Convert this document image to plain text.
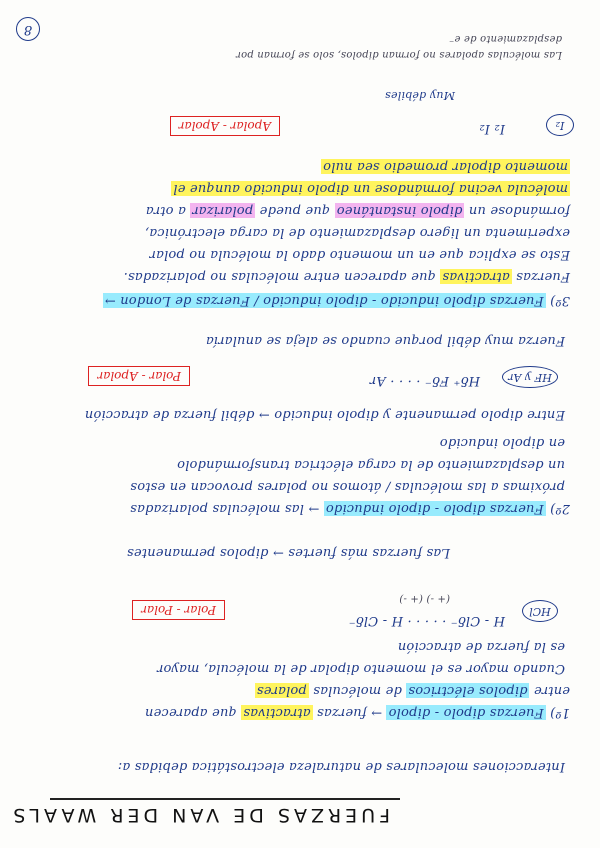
8
FUERZAS DE VAN DER WAALS
Interacciones moleculares de naturaleza electrostática debidas a:
1º) Fuerzas dipolo - dipolo → fuerzas atractivas que aparecen
entre dipolos eléctricos de moléculas polares
Cuando mayor es el momento dipolar de la molécula, mayor
es la fuerza de atracción
HCl
H - Clδ⁻ · · · · · H - Clδ⁻
(+ -) (+ -)
Polar - Polar
Las fuerzas más fuertes → dipolos permanentes
2º) Fuerzas dipolo - dipolo inducido → las moléculas polarizadas
próximas a las moléculas / átomos no polares provocan en estos
un desplazamiento de la carga eléctrica transformándolo
en dipolo inducido
Entre dipolo permanente y dipolo inducido → débil fuerza de atracción
HF y Ar
Hδ⁺ Fδ⁻ · · · · Ar
Polar - Apolar
Fuerza muy débil porque cuando se aleja se anularía
3º) Fuerzas dipolo inducido - dipolo inducido / Fuerzas de London →
Fuerzas atractivas que aparecen entre moléculas no polarizadas.
Esto se explica que en un momento dado la molécula no polar
experimenta un ligero desplazamiento de la carga electrónica,
formándose un dipolo instantáneo que puede polarizar a otra
molécula vecina formándose un dipolo inducido aunque el
momento dipolar promedio sea nulo
I₂
I₂ I₂
Muy débiles
Apolar - Apolar
Las moléculas apolares no forman dipolos, solo se forman por
desplazamiento de e⁻
